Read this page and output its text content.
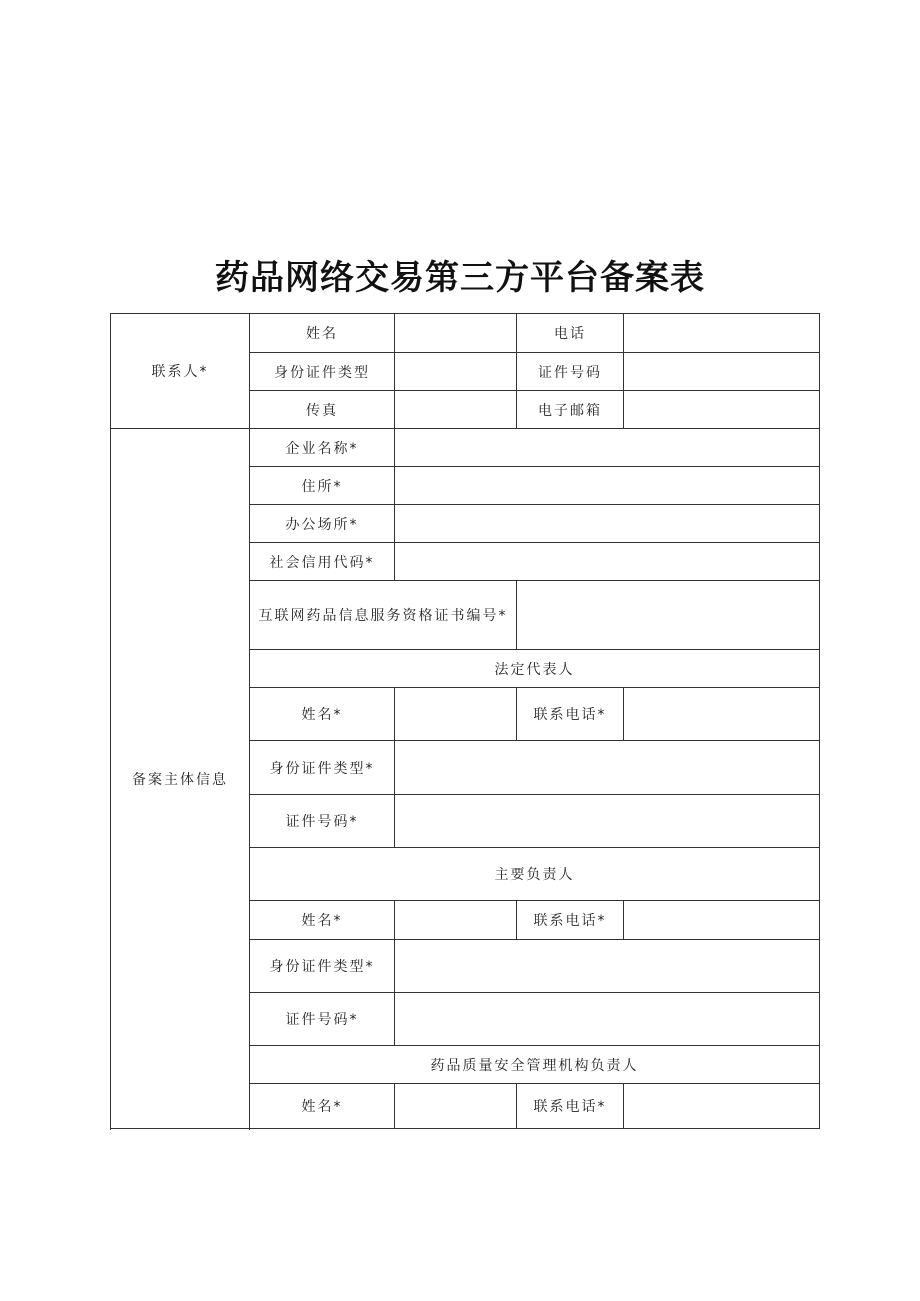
药品网络交易第三方平台备案表
联系人*	姓名		电话	
	身份证件类型		证件号码	
	传真		电子邮箱	
备案主体信息	企业名称*			
	住所*			
	办公场所*			
	社会信用代码*			
	互联网药品信息服务资格证书编号*			
	法定代表人			
	姓名*		联系电话*	
	身份证件类型*			
	证件号码*			
	主要负责人			
	姓名*		联系电话*	
	身份证件类型*			
	证件号码*			
	药品质量安全管理机构负责人			
	姓名*		联系电话*	
